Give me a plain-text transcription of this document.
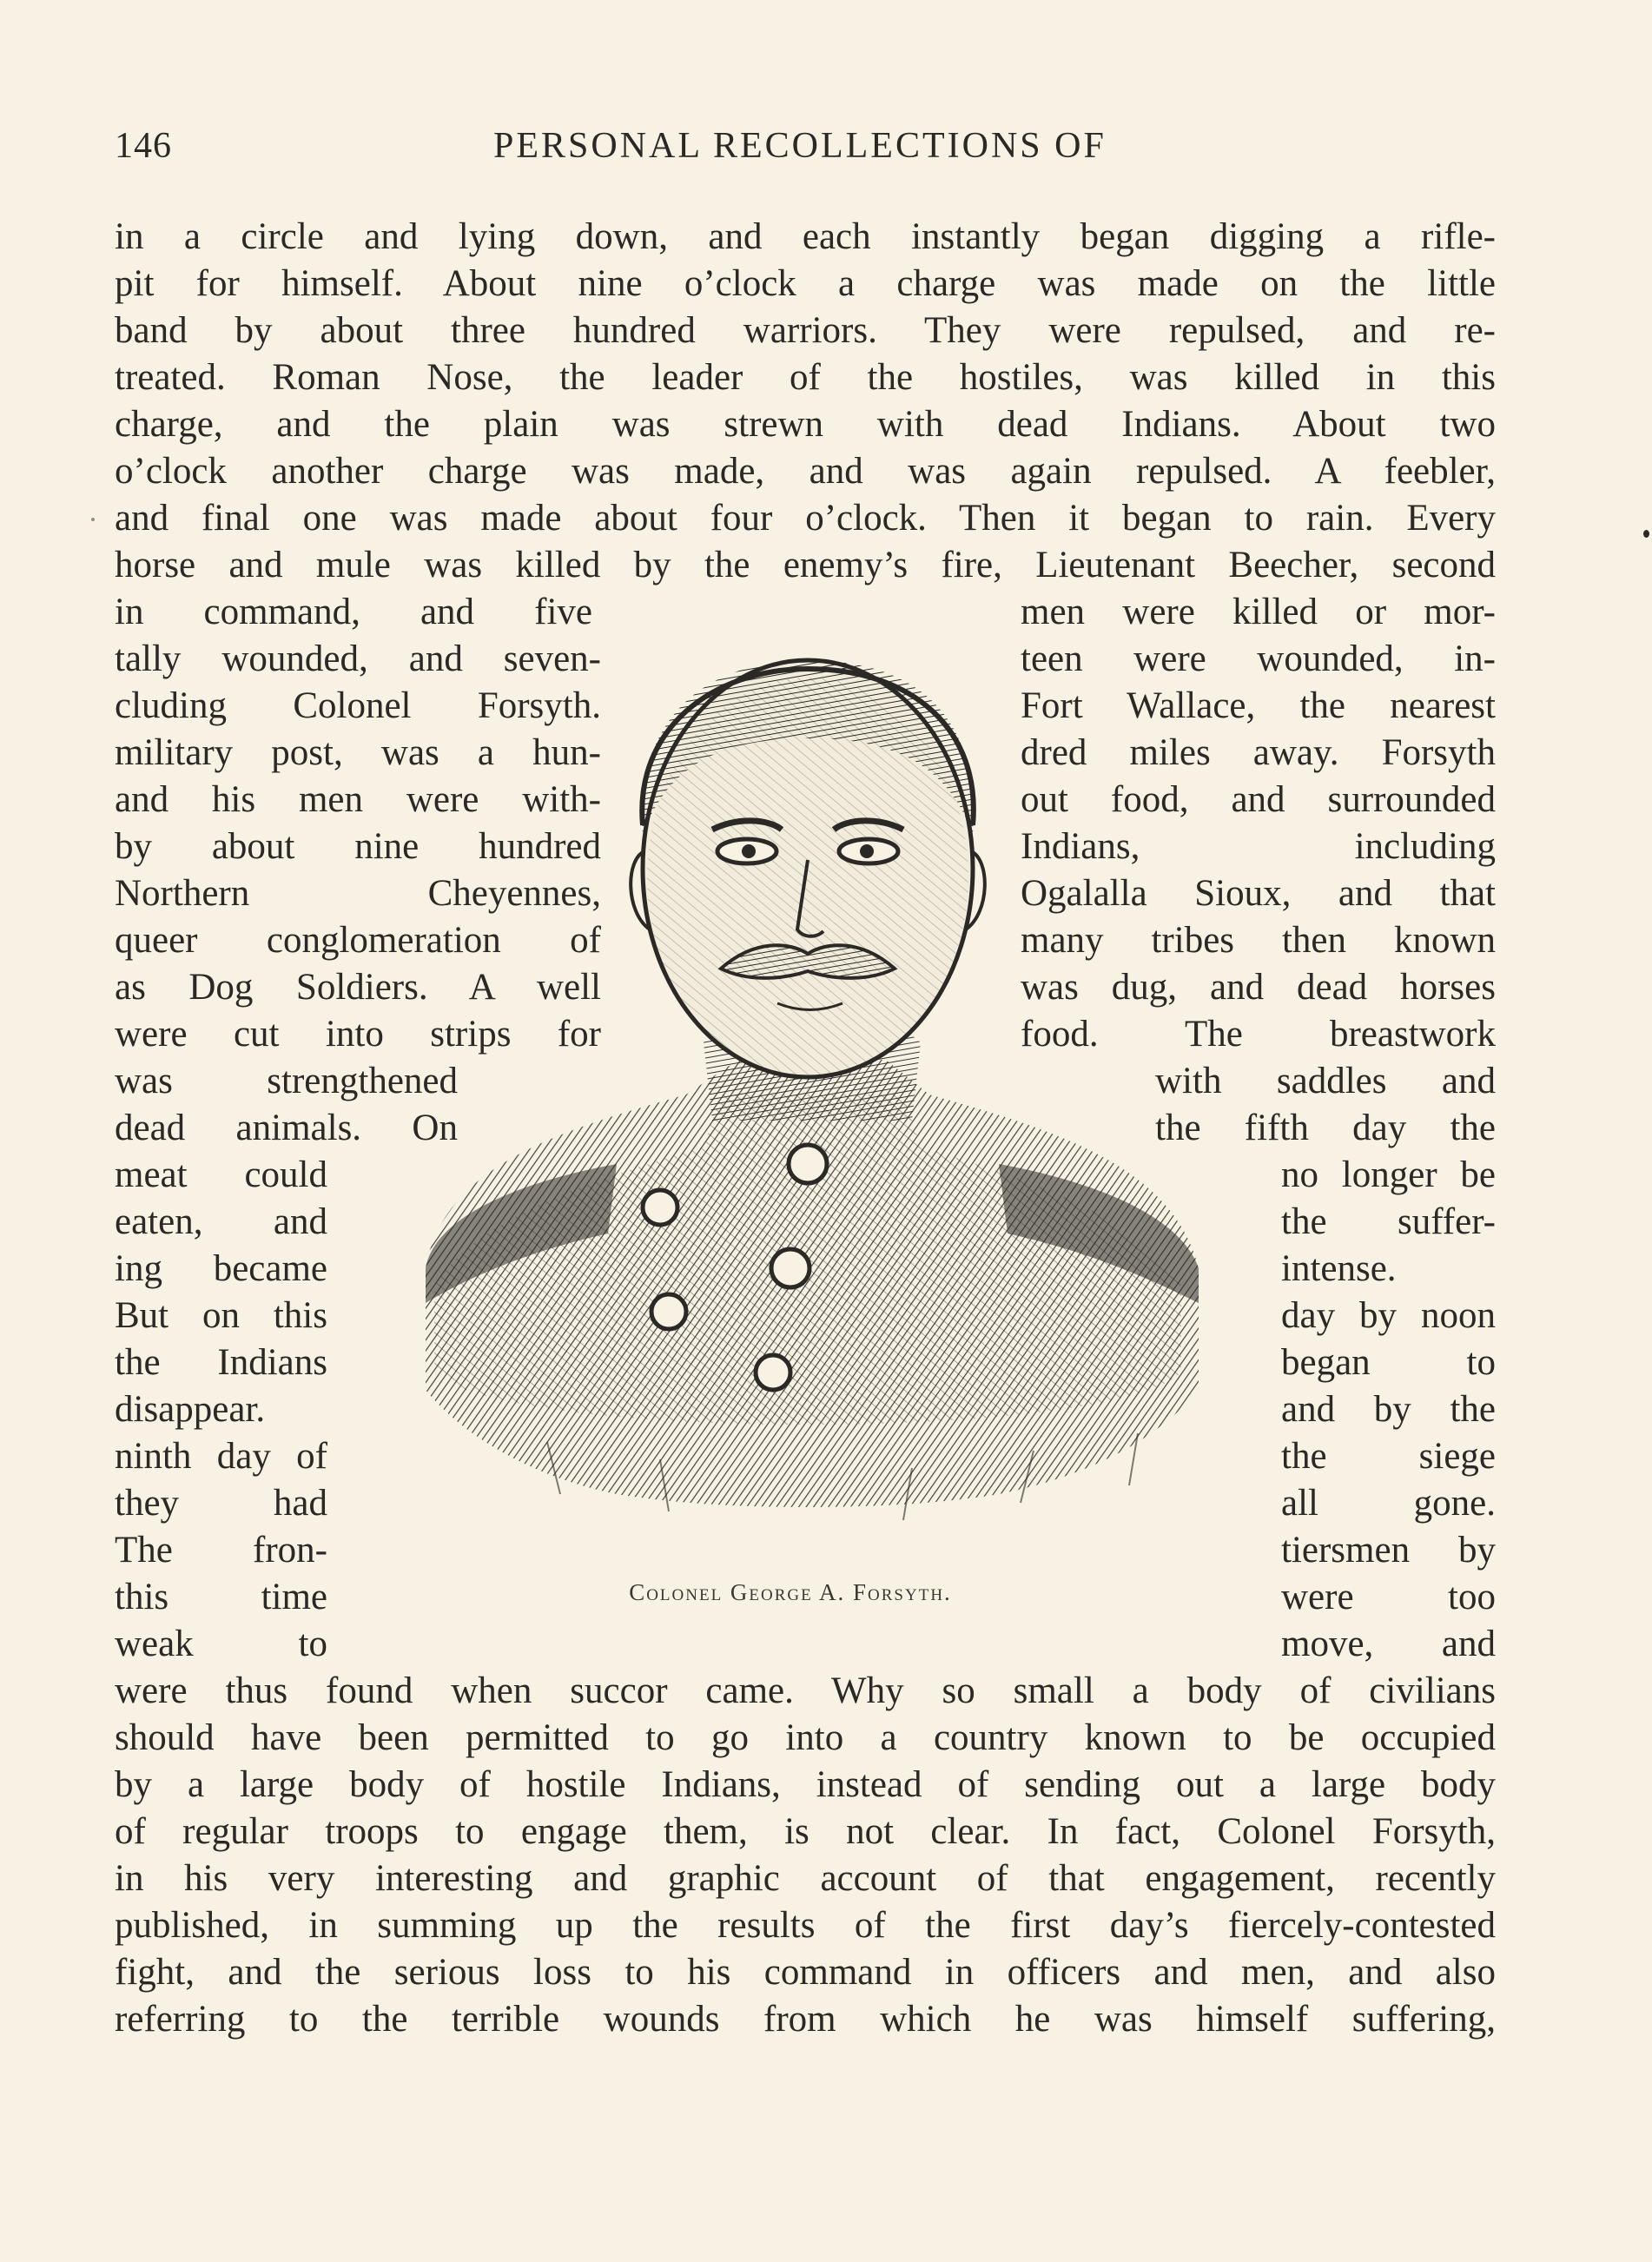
146	PERSONAL RECOLLECTIONS OF
in a circle and lying down, and each instantly began digging a rifle-
pit for himself. About nine o’clock a charge was made on the little
band by about three hundred warriors. They were repulsed, and re-
treated. Roman Nose, the leader of the hostiles, was killed in this
charge, and the plain was strewn with dead Indians. About two
o’clock another charge was made, and was again repulsed. A feebler,
and final one was made about four o’clock. Then it began to rain. Every
horse and mule was killed by the enemy’s fire, Lieutenant Beecher, second
in command, and five
tally wounded, and seven-
cluding Colonel Forsyth.
military post, was a hun-
and his men were with-
by about nine hundred
Northern Cheyennes,
queer conglomeration of
as Dog Soldiers. A well
were cut into strips for
was strengthened
dead animals. On
meat could
eaten, and
ing became
But on this
the Indians
disappear.
ninth day of
they had
The fron-
this time
weak to
men were killed or mor-
teen were wounded, in-
Fort Wallace, the nearest
dred miles away. Forsyth
out food, and surrounded
Indians, including
Ogalalla Sioux, and that
many tribes then known
was dug, and dead horses
food. The breastwork
with saddles and
the fifth day the
no longer be
the suffer-
intense.
day by noon
began to
and by the
the siege
all gone.
tiersmen by
were too
move, and
were thus found when succor came. Why so small a body of civilians
should have been permitted to go into a country known to be occupied
by a large body of hostile Indians, instead of sending out a large body
of regular troops to engage them, is not clear. In fact, Colonel Forsyth,
in his very interesting and graphic account of that engagement, recently
published, in summing up the results of the first day’s fiercely-contested
fight, and the serious loss to his command in officers and men, and also
referring to the terrible wounds from which he was himself suffering,
Colonel George A. Forsyth.
